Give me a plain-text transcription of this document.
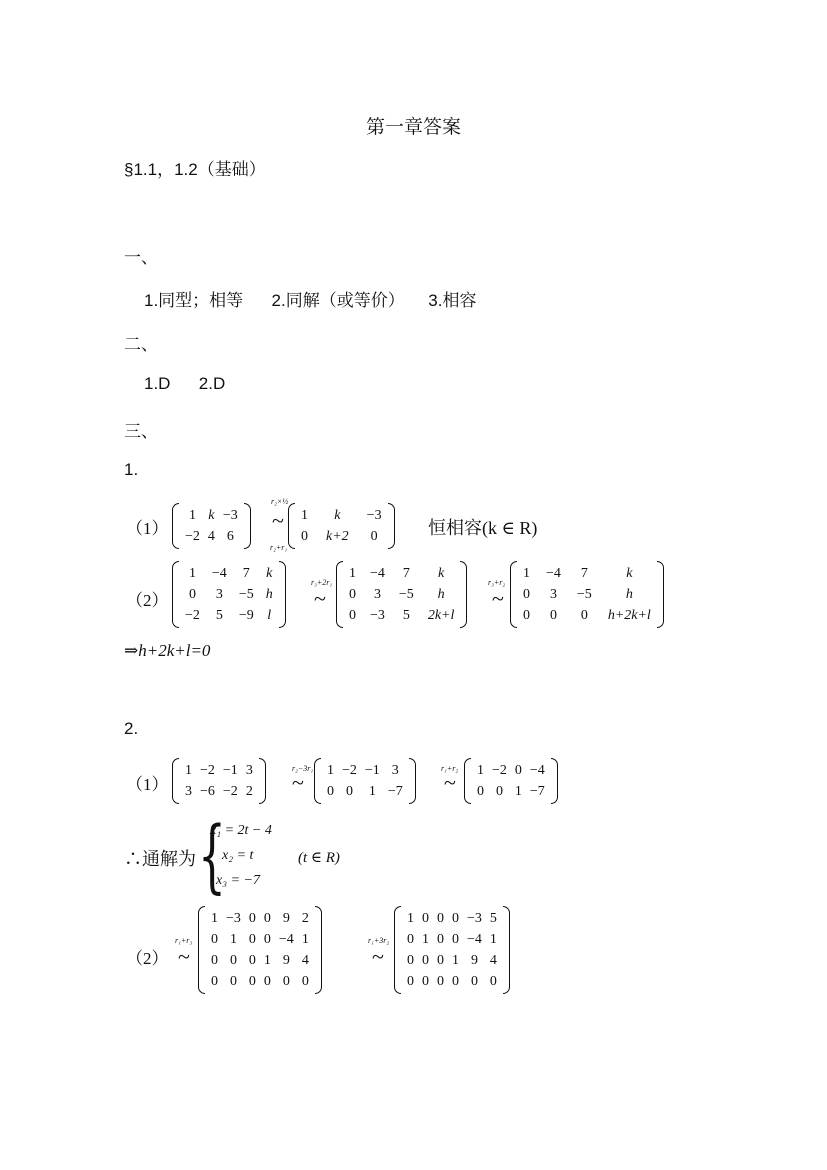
第一章答案
§1.1，1.2（基础）
一、
1.同型；相等      2.同解（或等价）     3.相容
二、
1.D      2.D
三、
1.
（1）
1 k −3
−2 4 6
r₂×½
~
r₂+r₁
1	k	−3
0 k+2	0	恒相容(k ∈ R)
（2）
1	−4	7	k
0	3	−5 h
−2	5	−9 l
r₃+2r₁
~
1 −4	7	k
0	3	−5	h
0 −3	5	2k+l
r₃+r₂
~
1 −4	7	k
0	3	−5	h
0	0	0	h+2k+l
⇒h+2k+l=0
2.
（1）
1 −2 −1 3
3 −6 −2 2
r₂−3r₁
~ 1 −2 −1 3
0 0	1 −7
r₁+r₂
~ 1 −2 0 −4
0 0 1 −7
∴通解为 {
x₁ = 2t − 4
x₂ = t
x₃ = −7
(t ∈ R)
（2）
r₁+r₃
~
1 −3 0 0 9 2
0 1 0 0 −4 1
0 0 0 1 9 4
0 0 0 0 0 0
r₁+3r₂
~
1 0 0 0 −3 5
0 1 0 0 −4 1
0 0 0 1 9 4
0 0 0 0 0 0
